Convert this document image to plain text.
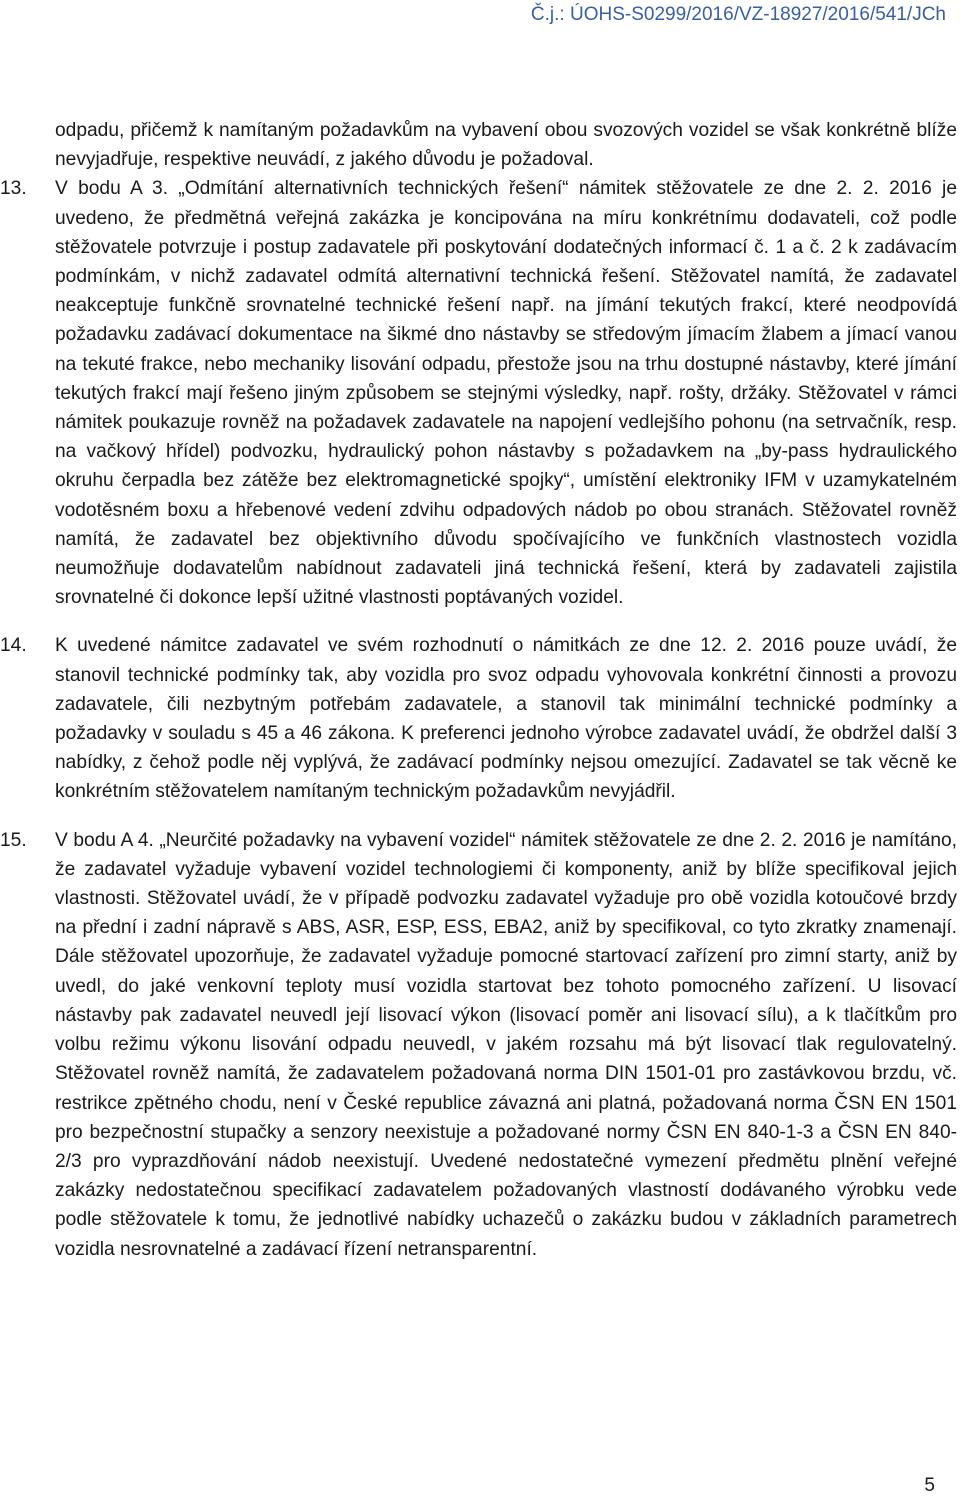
Č.j.: ÚOHS-S0299/2016/VZ-18927/2016/541/JCh

odpadu, přičemž k namítaným požadavkům na vybavení obou svozových vozidel se však konkrétně blíže nevyjadřuje, respektive neuvádí, z jakého důvodu je požadoval.

13.	V bodu A 3. „Odmítání alternativních technických řešení“ námitek stěžovatele ze dne 2. 2. 2016 je uvedeno, že předmětná veřejná zakázka je koncipována na míru konkrétnímu dodavateli, což podle stěžovatele potvrzuje i postup zadavatele při poskytování dodatečných informací č. 1 a č. 2 k zadávacím podmínkám, v nichž zadavatel odmítá alternativní technická řešení. Stěžovatel namítá, že zadavatel neakceptuje funkčně srovnatelné technické řešení např. na jímání tekutých frakcí, které neodpovídá požadavku zadávací dokumentace na šikmé dno nástavby se středovým jímacím žlabem a jímací vanou na tekuté frakce, nebo mechaniky lisování odpadu, přestože jsou na trhu dostupné nástavby, které jímání tekutých frakcí mají řešeno jiným způsobem se stejnými výsledky, např. rošty, držáky. Stěžovatel v rámci námitek poukazuje rovněž na požadavek zadavatele na napojení vedlejšího pohonu (na setrvačník, resp. na vačkový hřídel) podvozku, hydraulický pohon nástavby s požadavkem na „by-pass hydraulického okruhu čerpadla bez zátěže bez elektromagnetické spojky“, umístění elektroniky IFM v uzamykatelném vodotěsném boxu a hřebenové vedení zdvihu odpadových nádob po obou stranách. Stěžovatel rovněž namítá, že zadavatel bez objektivního důvodu spočívajícího ve funkčních vlastnostech vozidla neumožňuje dodavatelům nabídnout zadavateli jiná technická řešení, která by zadavateli zajistila srovnatelné či dokonce lepší užitné vlastnosti poptávaných vozidel.

14.	K uvedené námitce zadavatel ve svém rozhodnutí o námitkách ze dne 12. 2. 2016 pouze uvádí, že stanovil technické podmínky tak, aby vozidla pro svoz odpadu vyhovovala konkrétní činnosti a provozu zadavatele, čili nezbytným potřebám zadavatele, a stanovil tak minimální technické podmínky a požadavky v souladu s 45 a 46 zákona. K preferenci jednoho výrobce zadavatel uvádí, že obdržel další 3 nabídky, z čehož podle něj vyplývá, že zadávací podmínky nejsou omezující. Zadavatel se tak věcně ke konkrétním stěžovatelem namítaným technickým požadavkům nevyjádřil.

15.	V bodu A 4. „Neurčité požadavky na vybavení vozidel“ námitek stěžovatele ze dne 2. 2. 2016 je namítáno, že zadavatel vyžaduje vybavení vozidel technologiemi či komponenty, aniž by blíže specifikoval jejich vlastnosti. Stěžovatel uvádí, že v případě podvozku zadavatel vyžaduje pro obě vozidla kotoučové brzdy na přední i zadní nápravě s ABS, ASR, ESP, ESS, EBA2, aniž by specifikoval, co tyto zkratky znamenají. Dále stěžovatel upozorňuje, že zadavatel vyžaduje pomocné startovací zařízení pro zimní starty, aniž by uvedl, do jaké venkovní teploty musí vozidla startovat bez tohoto pomocného zařízení. U lisovací nástavby pak zadavatel neuvedl její lisovací výkon (lisovací poměr ani lisovací sílu), a k tlačítkům pro volbu režimu výkonu lisování odpadu neuvedl, v jakém rozsahu má být lisovací tlak regulovatelný. Stěžovatel rovněž namítá, že zadavatelem požadovaná norma DIN 1501-01 pro zastávkovou brzdu, vč. restrikce zpětného chodu, není v České republice závazná ani platná, požadovaná norma ČSN EN 1501 pro bezpečnostní stupačky a senzory neexistuje a požadované normy ČSN EN 840-1-3 a ČSN EN 840-2/3 pro vyprazdňování nádob neexistují. Uvedené nedostatečné vymezení předmětu plnění veřejné zakázky nedostatečnou specifikací zadavatelem požadovaných vlastností dodávaného výrobku vede podle stěžovatele k tomu, že jednotlivé nabídky uchazečů o zakázku budou v základních parametrech vozidla nesrovnatelné a zadávací řízení netransparentní.

5
